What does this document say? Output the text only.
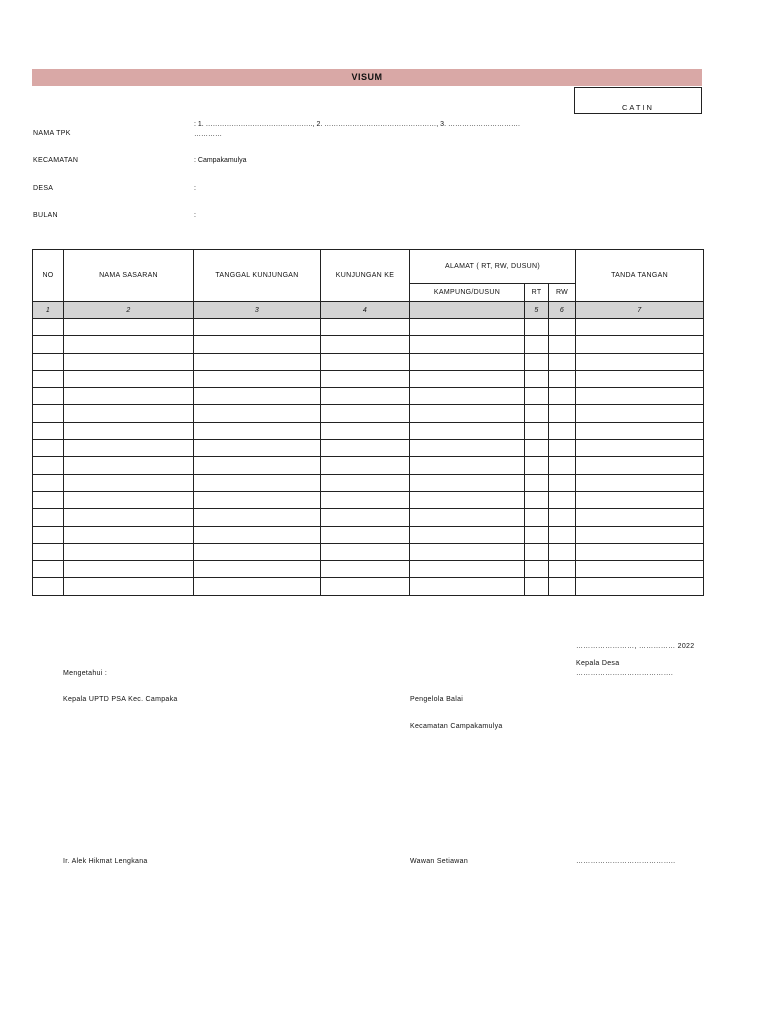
VISUM
CATIN
NAMA TPK
: 1. ………………………………………., 2. …………………………………………, 3. ………………………….
…………
KECAMATAN	: Campakamulya
DESA	:
BULAN	:
NO	NAMA SASARAN	TANGGAL KUNJUNGAN	KUNJUNGAN KE	ALAMAT ( RT, RW, DUSUN)			TANDA TANGAN
				KAMPUNG/DUSUN	RT	RW	
1	2	3	4		5	6	7

……………………, …………… 2022
Kepala Desa
………………………………….
Mengetahui :
Kepala UPTD PSA Kec. Campaka	Pengelola Balai
Kecamatan Campakamulya
Ir. Alek Hikmat Lengkana	Wawan Setiawan	…………………………………..
